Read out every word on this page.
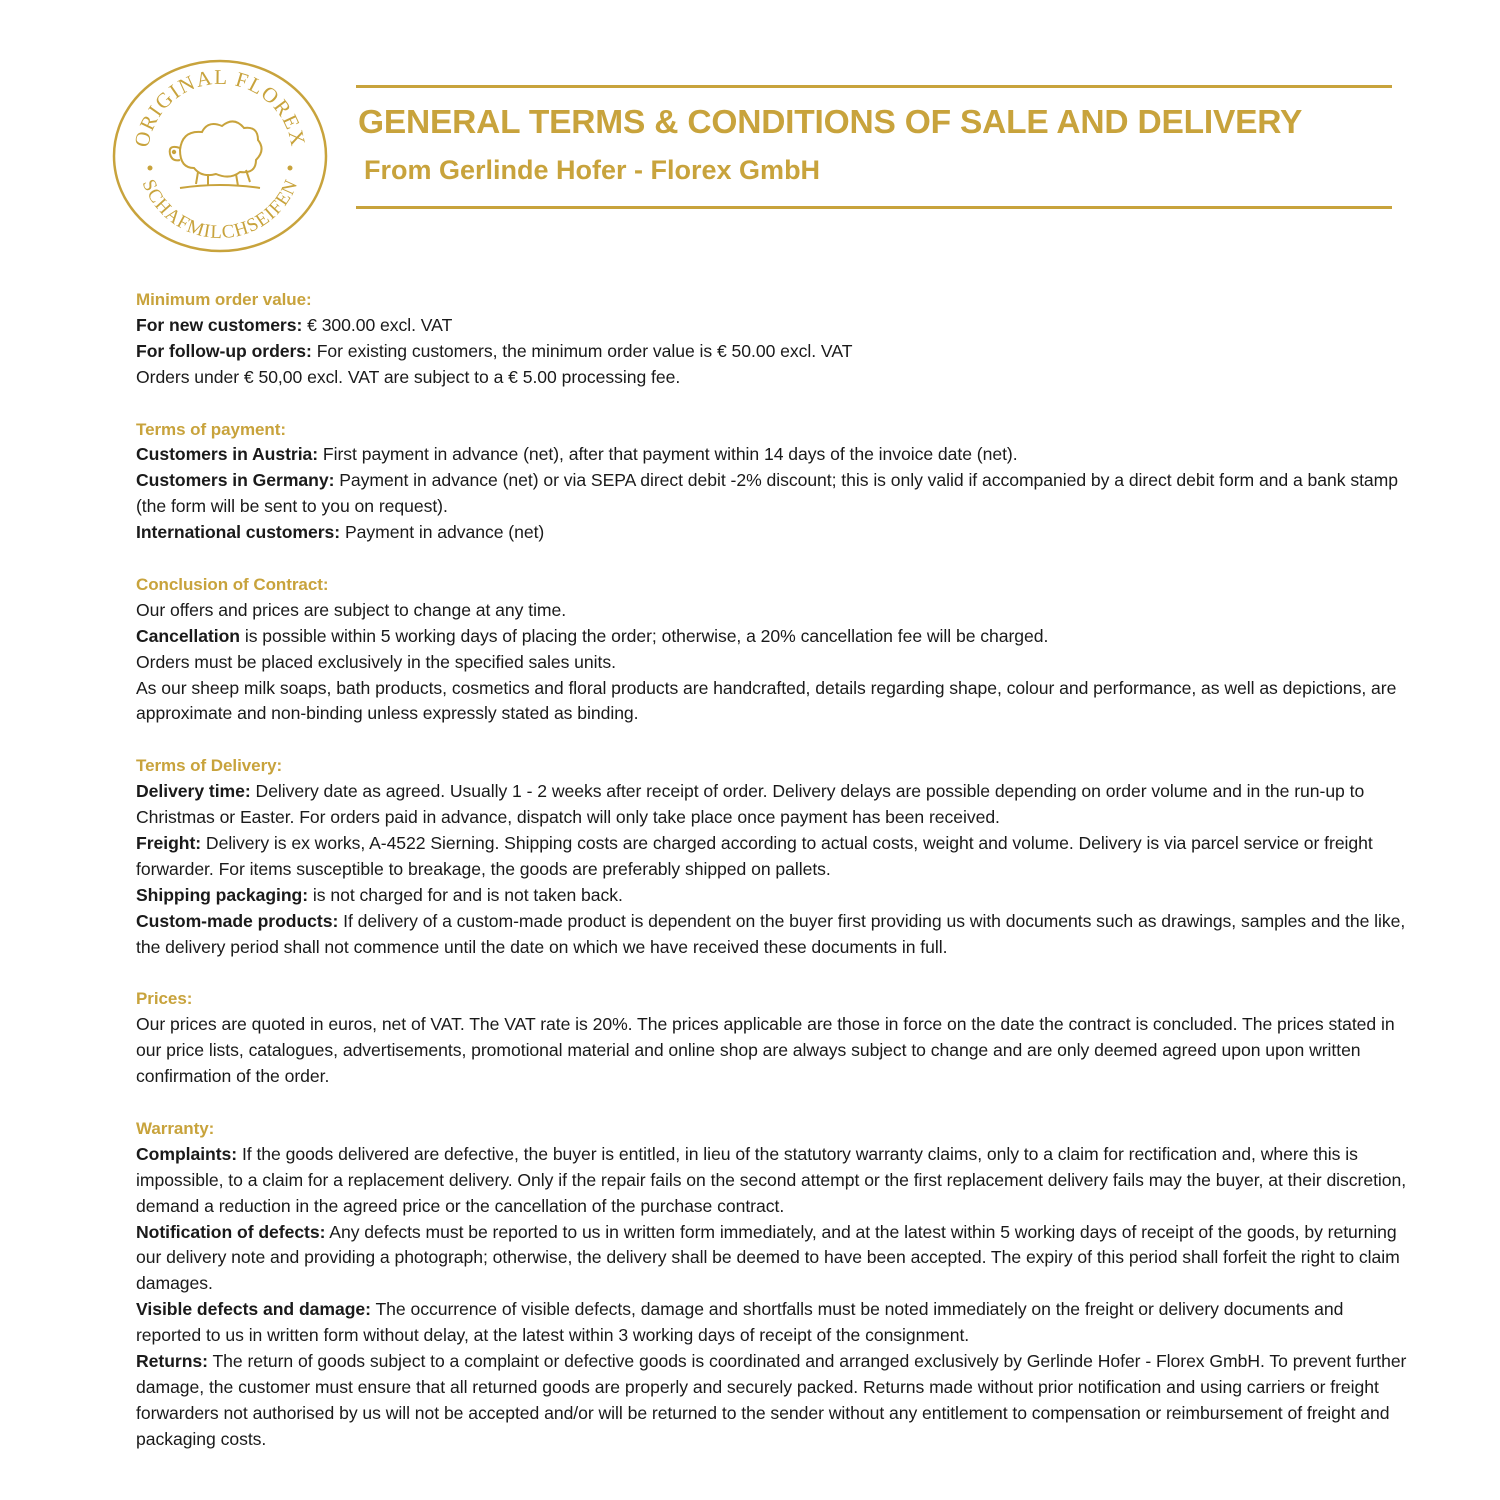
ORIGINAL FLOREX
SCHAFMILCHSEIFEN
GENERAL TERMS & CONDITIONS OF SALE AND DELIVERY
From Gerlinde Hofer - Florex GmbH
Minimum order value:

For new customers: € 300.00 excl. VAT

For follow-up orders: For existing customers, the minimum order value is € 50.00 excl. VAT

Orders under € 50,00 excl. VAT are subject to a € 5.00 processing fee.

Terms of payment:

Customers in Austria: First payment in advance (net), after that payment within 14 days of the invoice date (net).

Customers in Germany: Payment in advance (net) or via SEPA direct debit -2% discount; this is only valid if accompanied by a direct debit form and a bank stamp (the form will be sent to you on request).

International customers: Payment in advance (net)

Conclusion of Contract:

Our offers and prices are subject to change at any time.

Cancellation is possible within 5 working days of placing the order; otherwise, a 20% cancellation fee will be charged.

Orders must be placed exclusively in the specified sales units.

As our sheep milk soaps, bath products, cosmetics and floral products are handcrafted, details regarding shape, colour and performance, as well as depictions, are approximate and non-binding unless expressly stated as binding.

Terms of Delivery:

Delivery time: Delivery date as agreed. Usually 1 - 2 weeks after receipt of order. Delivery delays are possible depending on order volume and in the run-up to Christmas or Easter. For orders paid in advance, dispatch will only take place once payment has been received.

Freight: Delivery is ex works, A-4522 Sierning. Shipping costs are charged according to actual costs, weight and volume. Delivery is via parcel service or freight forwarder. For items susceptible to breakage, the goods are preferably shipped on pallets.

Shipping packaging: is not charged for and is not taken back.

Custom-made products: If delivery of a custom-made product is dependent on the buyer first providing us with documents such as drawings, samples and the like, the delivery period shall not commence until the date on which we have received these documents in full.

Prices:

Our prices are quoted in euros, net of VAT. The VAT rate is 20%. The prices applicable are those in force on the date the contract is concluded. The prices stated in our price lists, catalogues, advertisements, promotional material and online shop are always subject to change and are only deemed agreed upon upon written confirmation of the order.

Warranty:

Complaints: If the goods delivered are defective, the buyer is entitled, in lieu of the statutory warranty claims, only to a claim for rectification and, where this is impossible, to a claim for a replacement delivery. Only if the repair fails on the second attempt or the first replacement delivery fails may the buyer, at their discretion, demand a reduction in the agreed price or the cancellation of the purchase contract.

Notification of defects: Any defects must be reported to us in written form immediately, and at the latest within 5 working days of receipt of the goods, by returning our delivery note and providing a photograph; otherwise, the delivery shall be deemed to have been accepted. The expiry of this period shall forfeit the right to claim damages.

Visible defects and damage: The occurrence of visible defects, damage and shortfalls must be noted immediately on the freight or delivery documents and reported to us in written form without delay, at the latest within 3 working days of receipt of the consignment.

Returns: The return of goods subject to a complaint or defective goods is coordinated and arranged exclusively by Gerlinde Hofer - Florex GmbH. To prevent further damage, the customer must ensure that all returned goods are properly and securely packed. Returns made without prior notification and using carriers or freight forwarders not authorised by us will not be accepted and/or will be returned to the sender without any entitlement to compensation or reimbursement of freight and packaging costs.
